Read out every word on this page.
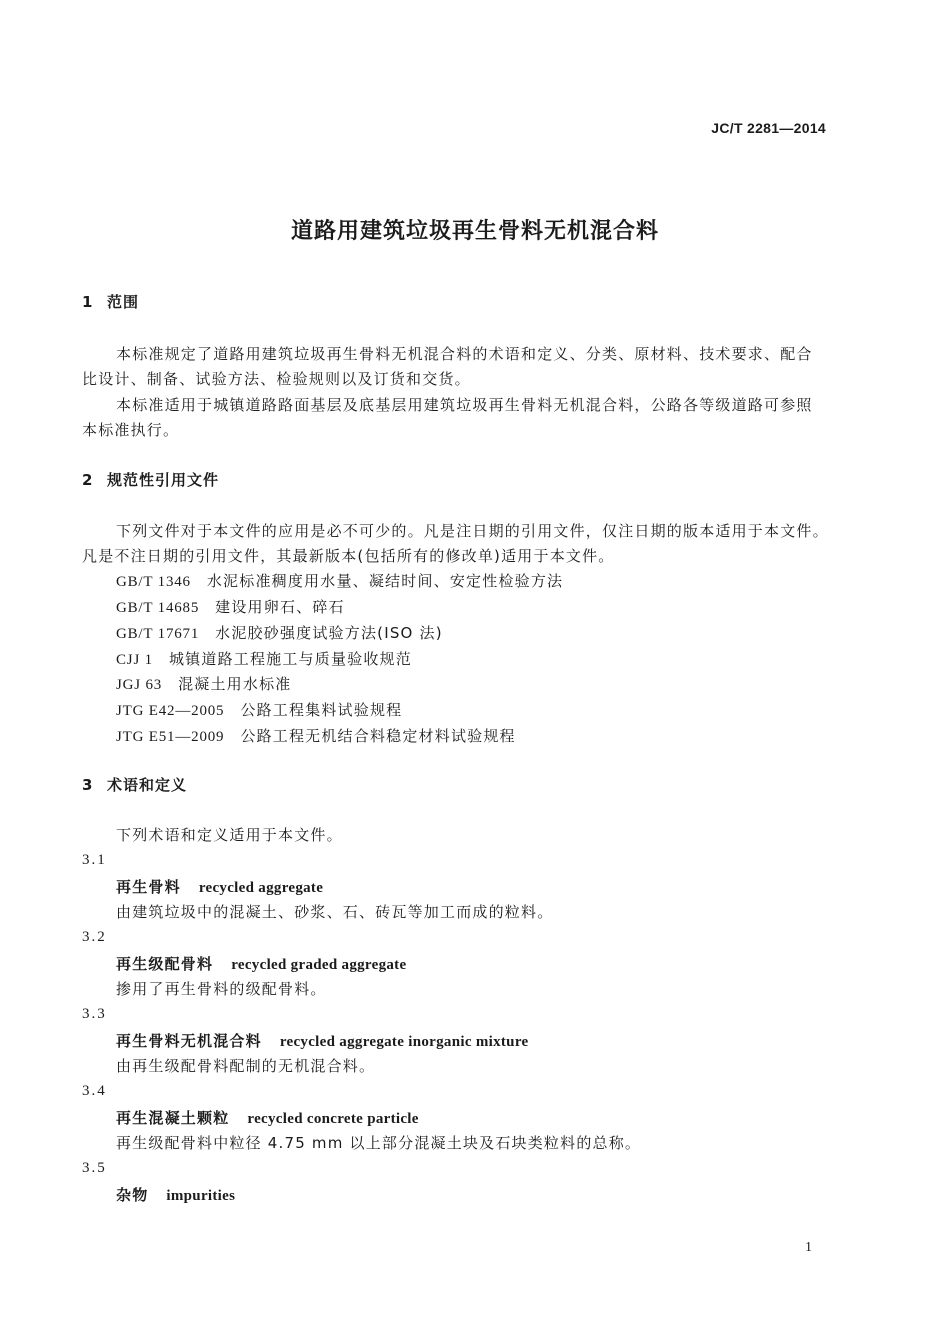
JC/T 2281—2014
道路用建筑垃圾再生骨料无机混合料
1 范围
本标准规定了道路用建筑垃圾再生骨料无机混合料的术语和定义、分类、原材料、技术要求、配合
比设计、制备、试验方法、检验规则以及订货和交货。
本标准适用于城镇道路路面基层及底基层用建筑垃圾再生骨料无机混合料，公路各等级道路可参照
本标准执行。
2 规范性引用文件
下列文件对于本文件的应用是必不可少的。凡是注日期的引用文件，仅注日期的版本适用于本文件。
凡是不注日期的引用文件，其最新版本(包括所有的修改单)适用于本文件。
GB/T 1346 水泥标准稠度用水量、凝结时间、安定性检验方法
GB/T 14685 建设用卵石、碎石
GB/T 17671 水泥胶砂强度试验方法(ISO 法)
CJJ 1 城镇道路工程施工与质量验收规范
JGJ 63 混凝土用水标准
JTG E42—2005 公路工程集料试验规程
JTG E51—2009 公路工程无机结合料稳定材料试验规程
3 术语和定义
下列术语和定义适用于本文件。
3.1
再生骨料 recycled aggregate
由建筑垃圾中的混凝土、砂浆、石、砖瓦等加工而成的粒料。
3.2
再生级配骨料 recycled graded aggregate
掺用了再生骨料的级配骨料。
3.3
再生骨料无机混合料 recycled aggregate inorganic mixture
由再生级配骨料配制的无机混合料。
3.4
再生混凝土颗粒 recycled concrete particle
再生级配骨料中粒径 4.75 mm 以上部分混凝土块及石块类粒料的总称。
3.5
杂物 impurities
1
